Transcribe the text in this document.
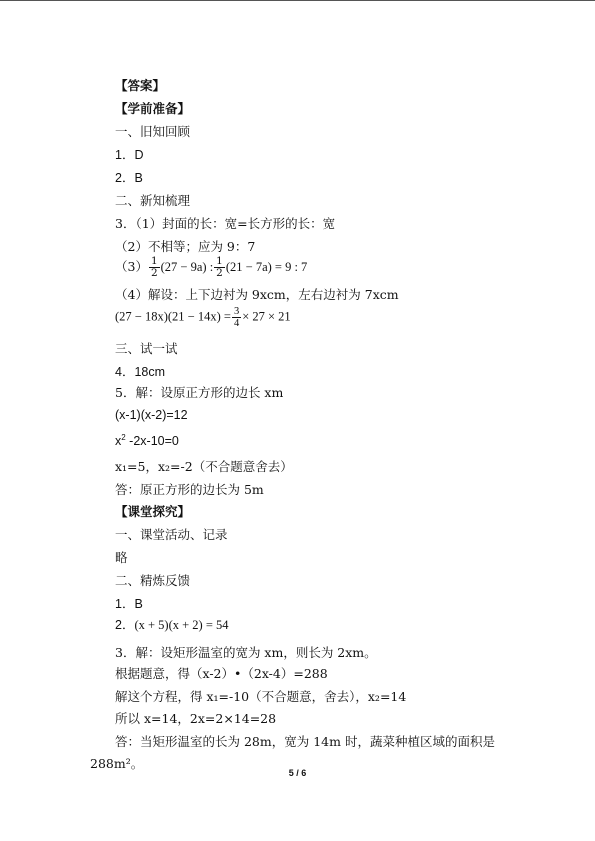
【答案】
【学前准备】
一、旧知回顾
1．D
2．B
二、新知梳理
3．（1）封面的长：宽=长方形的长：宽
（2）不相等；应为 9：7
$(3) \frac{1}{2} (27 - 9a)$ : $\frac{1}{2} (21 - 7a) = 9$ : 7
（4）解设：上下边衬为 9xcm，左右边衬为 7xcm
$(27 - 18x)(21 - 14x) = \frac{3}{4} \times 27 \times 21$
三、试一试
4．18cm
5．解：设原正方形的边长 xm
(x-1)(x-2)=12
$x^2$ -2x-10=0
x₁=5，x₂=-2（不合题意舍去）
答：原正方形的边长为 5m
【课堂探究】
一、课堂活动、记录
略
二、精炼反馈
1．B
2．(x + 5)(x + 2) = 54
3．解：设矩形温室的宽为 xm，则长为 2xm。
根据题意，得（x-2）•（2x-4）=288
解这个方程，得 x₁=-10（不合题意，舍去），x₂=14
所以 x=14，2x=2×14=28
答：当矩形温室的长为 28m，宽为 14m 时，蔬菜种植区域的面积是
288m²。
5 / 6
